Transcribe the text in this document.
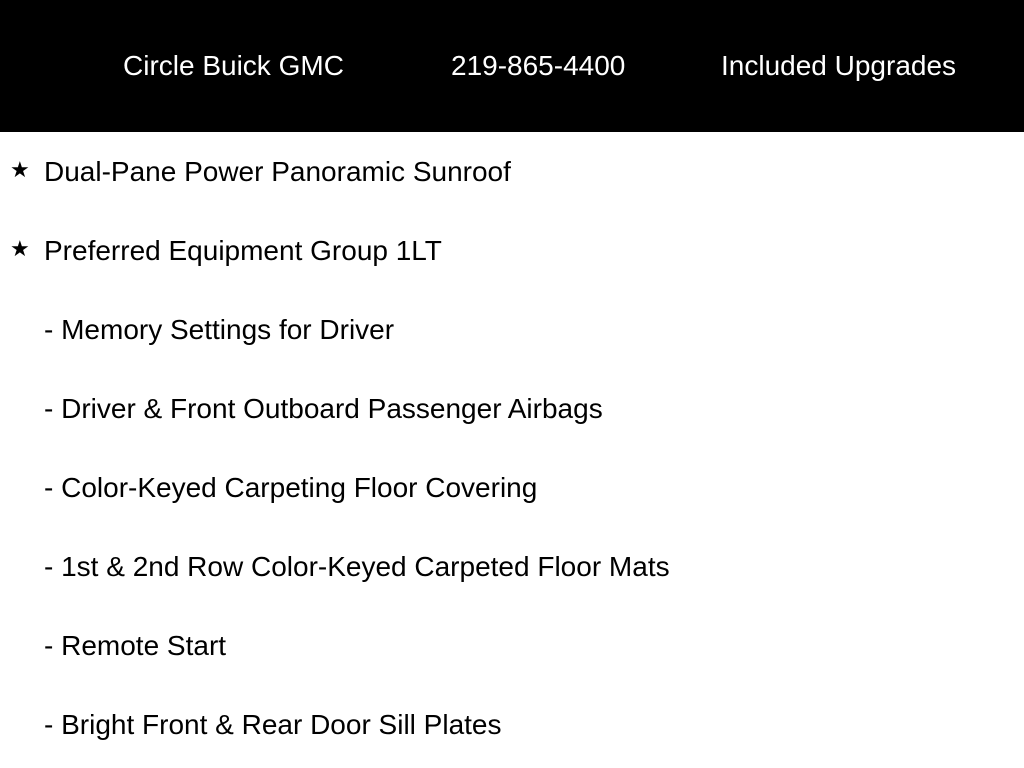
Circle Buick GMC	219-865-4400	Included Upgrades
★ Dual-Pane Power Panoramic Sunroof
★ Preferred Equipment Group 1LT
- Memory Settings for Driver
- Driver & Front Outboard Passenger Airbags
- Color-Keyed Carpeting Floor Covering
- 1st & 2nd Row Color-Keyed Carpeted Floor Mats
- Remote Start
- Bright Front & Rear Door Sill Plates
